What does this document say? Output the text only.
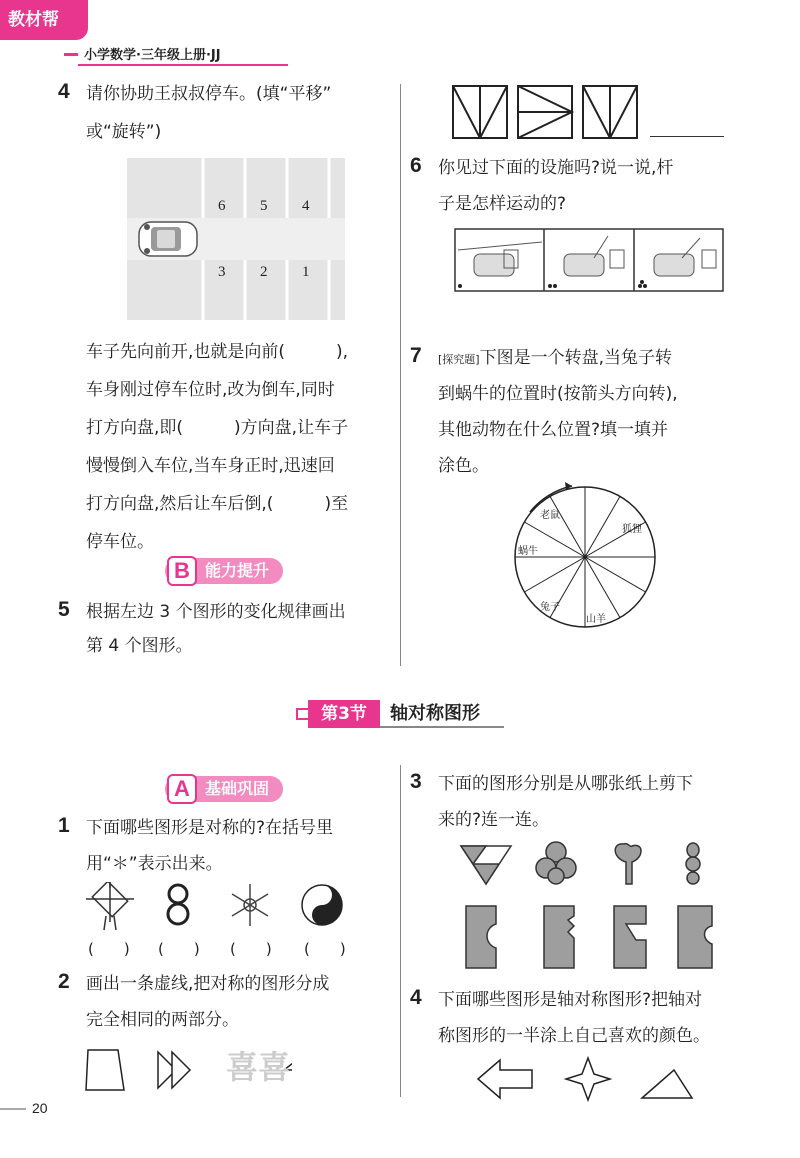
教材帮
小学数学·三年级上册·JJ
4 请你协助王叔叔停车。(填“平移”
或“旋转”)
6 5 4
3 2 1
车子先向前开,也就是向前(　　　),
车身刚过停车位时,改为倒车,同时
打方向盘,即(　　　)方向盘,让车子
慢慢倒入车位,当车身正时,迅速回
打方向盘,然后让车后倒,(　　　)至
停车位。
B 能力提升
5 根据左边 3 个图形的变化规律画出
第 4 个图形。
6 你见过下面的设施吗?说一说,杆
子是怎样运动的?
7 [探究题]下图是一个转盘,当兔子转
到蜗牛的位置时(按箭头方向转),
其他动物在什么位置?填一填并
涂色。
老鼠
狐狸
蜗牛
兔子
山羊
第3节	轴对称图形
A 基础巩固
1 下面哪些图形是对称的?在括号里
用“＊”表示出来。
(　　) (　　) (　　) (　　)
2 画出一条虚线,把对称的图形分成
完全相同的两部分。
喜喜
3 下面的图形分别是从哪张纸上剪下
来的?连一连。
4 下面哪些图形是轴对称图形?把轴对
称图形的一半涂上自己喜欢的颜色。
20
